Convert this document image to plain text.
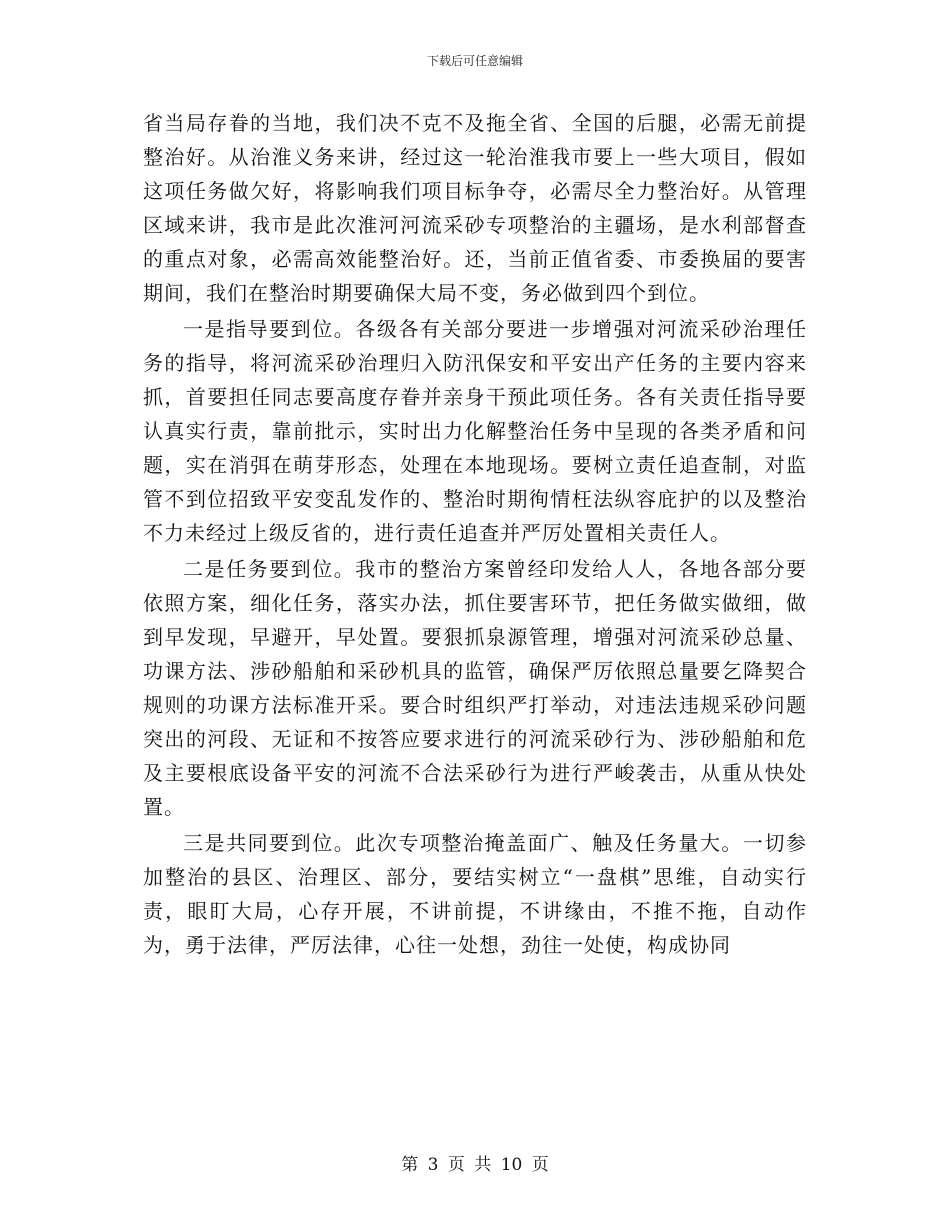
下载后可任意编辑

省当局存眷的当地，我们决不克不及拖全省、全国的后腿，必需无前提整治好。从治淮义务来讲，经过这一轮治淮我市要上一些大项目，假如这项任务做欠好，将影响我们项目标争夺，必需尽全力整治好。从管理区域来讲，我市是此次淮河河流采砂专项整治的主疆场，是水利部督查的重点对象，必需高效能整治好。还，当前正值省委、市委换届的要害期间，我们在整治时期要确保大局不变，务必做到四个到位。

一是指导要到位。各级各有关部分要进一步增强对河流采砂治理任务的指导，将河流采砂治理归入防汛保安和平安出产任务的主要内容来抓，首要担任同志要高度存眷并亲身干预此项任务。各有关责任指导要认真实行责，靠前批示，实时出力化解整治任务中呈现的各类矛盾和问题，实在消弭在萌芽形态，处理在本地现场。要树立责任追查制，对监管不到位招致平安变乱发作的、整治时期徇情枉法纵容庇护的以及整治不力未经过上级反省的，进行责任追查并严厉处置相关责任人。

二是任务要到位。我市的整治方案曾经印发给人人，各地各部分要依照方案，细化任务，落实办法，抓住要害环节，把任务做实做细，做到早发现，早避开，早处置。要狠抓泉源管理，增强对河流采砂总量、功课方法、涉砂船舶和采砂机具的监管，确保严厉依照总量要乞降契合规则的功课方法标准开采。要合时组织严打举动，对违法违规采砂问题突出的河段、无证和不按答应要求进行的河流采砂行为、涉砂船舶和危及主要根底设备平安的河流不合法采砂行为进行严峻袭击，从重从快处置。

三是共同要到位。此次专项整治掩盖面广、触及任务量大。一切参加整治的县区、治理区、部分，要结实树立“一盘棋”思维，自动实行责，眼盯大局，心存开展，不讲前提，不讲缘由，不推不拖，自动作为，勇于法律，严厉法律，心往一处想，劲往一处使，构成协同

第 3 页 共 10 页
